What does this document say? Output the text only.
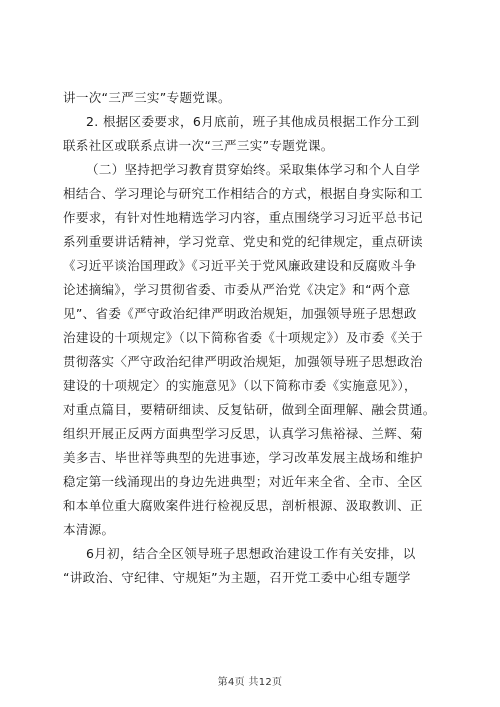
讲一次“三严三实”专题党课。
2. 根据区委要求，6月底前，班子其他成员根据工作分工到
联系社区或联系点讲一次“三严三实”专题党课。
（二）坚持把学习教育贯穿始终。采取集体学习和个人自学
相结合、学习理论与研究工作相结合的方式，根据自身实际和工
作要求，有针对性地精选学习内容，重点围绕学习习近平总书记
系列重要讲话精神，学习党章、党史和党的纪律规定，重点研读
《习近平谈治国理政》《习近平关于党风廉政建设和反腐败斗争
论述摘编》，学习贯彻省委、市委从严治党《决定》和“两个意
见”、省委《严守政治纪律严明政治规矩，加强领导班子思想政
治建设的十项规定》（以下简称省委《十项规定》）及市委《关于
贯彻落实〈严守政治纪律严明政治规矩，加强领导班子思想政治
建设的十项规定〉的实施意见》（以下简称市委《实施意见》），
对重点篇目，要精研细读、反复钻研，做到全面理解、融会贯通。
组织开展正反两方面典型学习反思，认真学习焦裕禄、兰辉、菊
美多吉、毕世祥等典型的先进事迹，学习改革发展主战场和维护
稳定第一线涌现出的身边先进典型；对近年来全省、全市、全区
和本单位重大腐败案件进行检视反思，剖析根源、汲取教训、正
本清源。
6月初，结合全区领导班子思想政治建设工作有关安排，以
“讲政治、守纪律、守规矩”为主题，召开党工委中心组专题学
第4页 共12页
